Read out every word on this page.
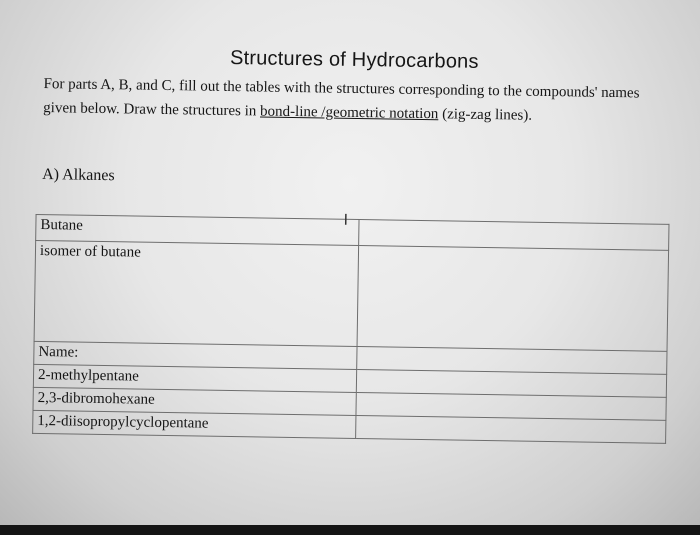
Structures of Hydrocarbons

For parts A, B, and C, fill out the tables with the structures corresponding to the compounds' names given below. Draw the structures in bond-line /geometric notation (zig-zag lines).

A) Alkanes
Butane	
isomer of butane	
Name:	
2-methylpentane	
2,3-dibromohexane	
1,2-diisopropylcyclopentane	
I
